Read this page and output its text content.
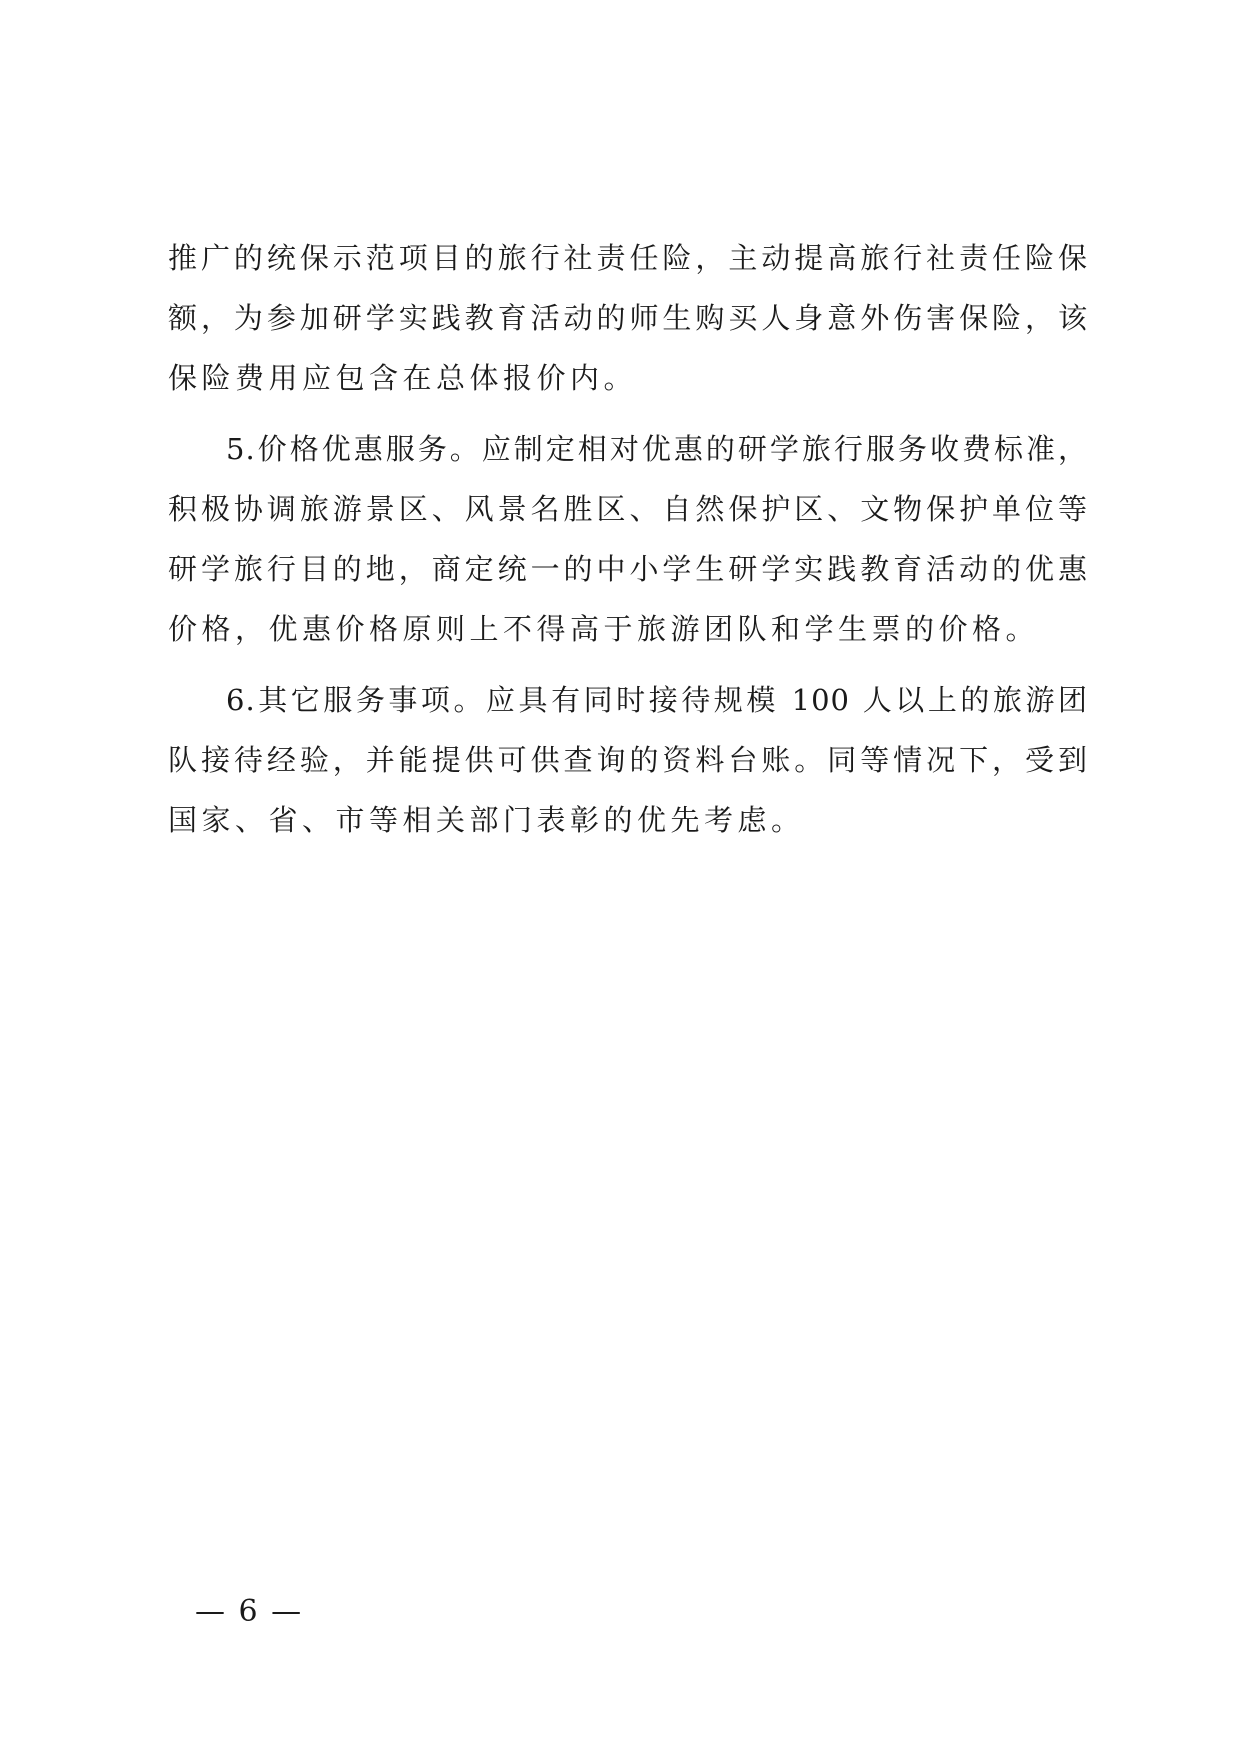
推广的统保示范项目的旅行社责任险，主动提高旅行社责任险保
额，为参加研学实践教育活动的师生购买人身意外伤害保险，该
保险费用应包含在总体报价内。
5.价格优惠服务。应制定相对优惠的研学旅行服务收费标准，
积极协调旅游景区、风景名胜区、自然保护区、文物保护单位等
研学旅行目的地，商定统一的中小学生研学实践教育活动的优惠
价格，优惠价格原则上不得高于旅游团队和学生票的价格。
6.其它服务事项。应具有同时接待规模 100 人以上的旅游团
队接待经验，并能提供可供查询的资料台账。同等情况下，受到
国家、省、市等相关部门表彰的优先考虑。
— 6 —
